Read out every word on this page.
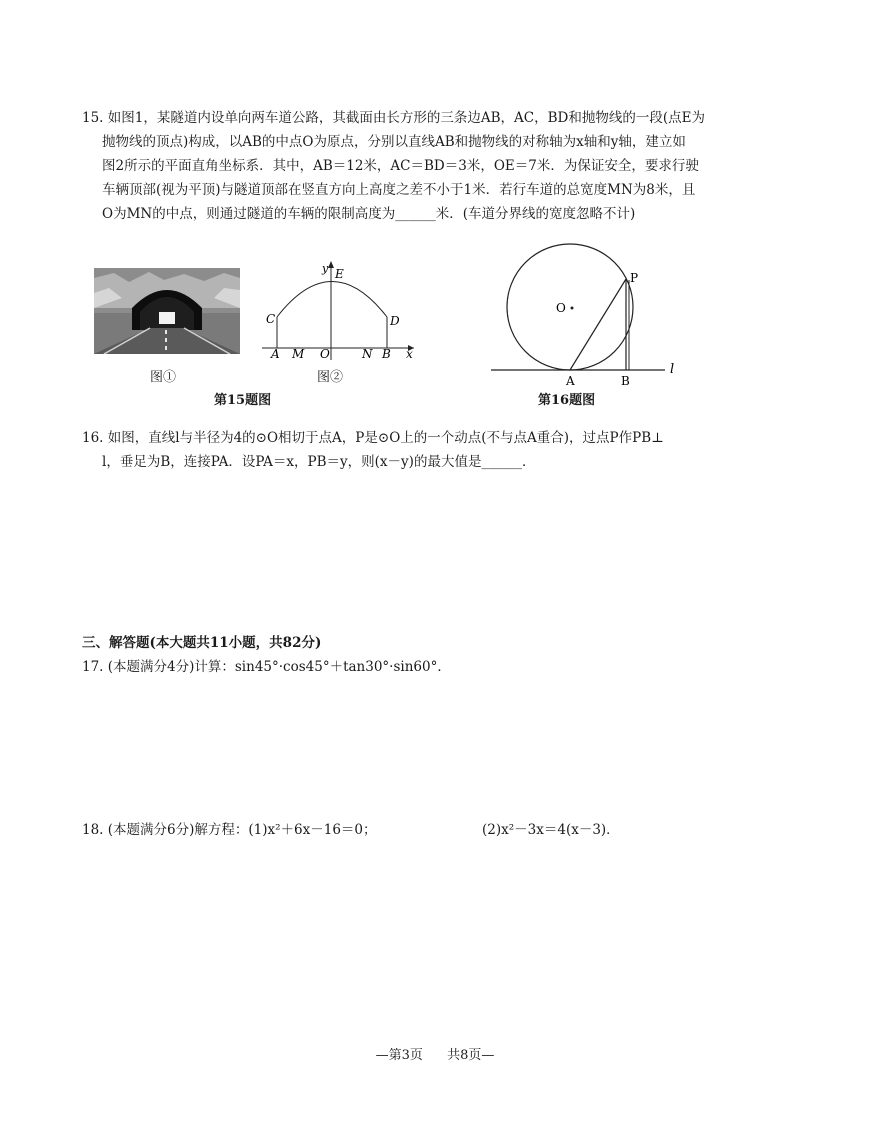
15. 如图1，某隧道内设单向两车道公路，其截面由长方形的三条边AB，AC，BD和抛物线的一段(点E为

抛物线的顶点)构成，以AB的中点O为原点，分别以直线AB和抛物线的对称轴为x轴和y轴，建立如

图2所示的平面直角坐标系．其中，AB＝12米，AC＝BD＝3米，OE＝7米．为保证安全，要求行驶

车辆顶部(视为平顶)与隧道顶部在竖直方向上高度之差不小于1米．若行车道的总宽度MN为8米，且

O为MN的中点，则通过隧道的车辆的限制高度为______米．(车道分界线的宽度忽略不计)

图①
y E
C	D
A M O	N B x
图②
第15题图
O
P
A	B
l
第16题图

16. 如图，直线l与半径为4的⊙O相切于点A，P是⊙O上的一个动点(不与点A重合)，过点P作PB⊥

l，垂足为B，连接PA．设PA＝x，PB＝y，则(x－y)的最大值是______．

三、解答题(本大题共11小题，共82分)

17. (本题满分4分)计算：sin45°·cos45°＋tan30°·sin60°．

18. (本题满分6分)解方程：(1)x²＋6x－16＝0；	(2)x²－3x＝4(x－3)．
—第3页 共8页—
